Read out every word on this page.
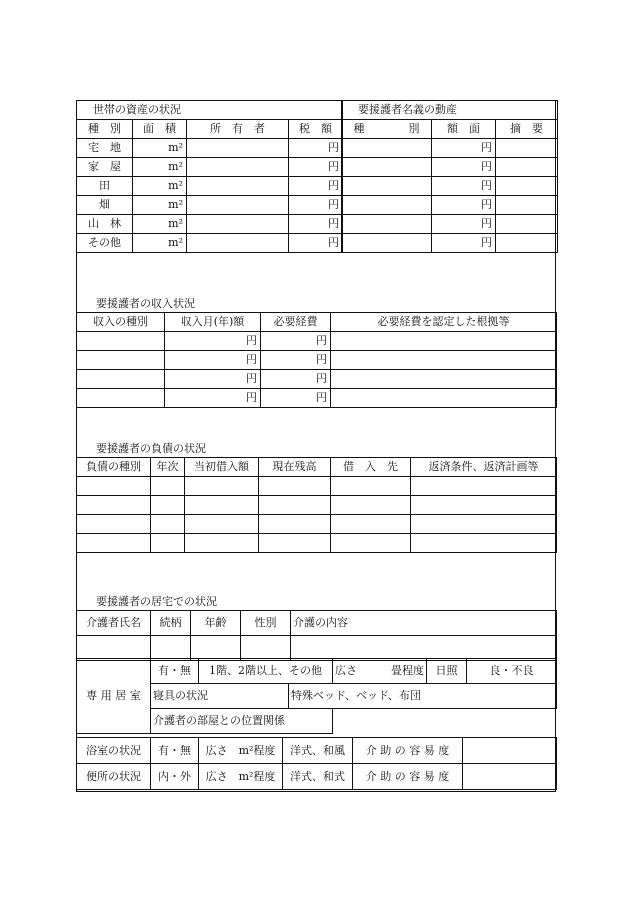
世帯の資産の状況			
種　別	面　積	所　有　者	税　額
宅　地	m²		円
家　屋	m²		円
田	m²		円
畑	m²		円
山　林	m²		円
その他	m²		円
要援護者名義の動産		
種　　　　別	額　面	摘　要
	円	
	円	
	円	
	円	
	円	
	円	
要援護者の収入状況
収入の種別	収入月(年)額	必要経費	必要経費を認定した根拠等
	円	円	
	円	円	
	円	円	
	円	円	
要援護者の負債の状況
負債の種別	年次	当初借入額	現在残高	借　入　先	返済条件、返済計画等

要援護者の居宅での状況
介護者氏名	続柄	年齢	性別	介護の内容

専 用 居 室	有・無	1階、2階以上、その他		広さ 畳程度	日照	良・不良
	寝具の状況		特殊ベッド、ベッド、布団			
	介護者の部屋との位置関係					
浴室の状況	有・無	広さ　m²程度	洋式、和風	介 助 の 容 易 度	
便所の状況	内・外	広さ　m²程度	洋式、和式	介 助 の 容 易 度	
